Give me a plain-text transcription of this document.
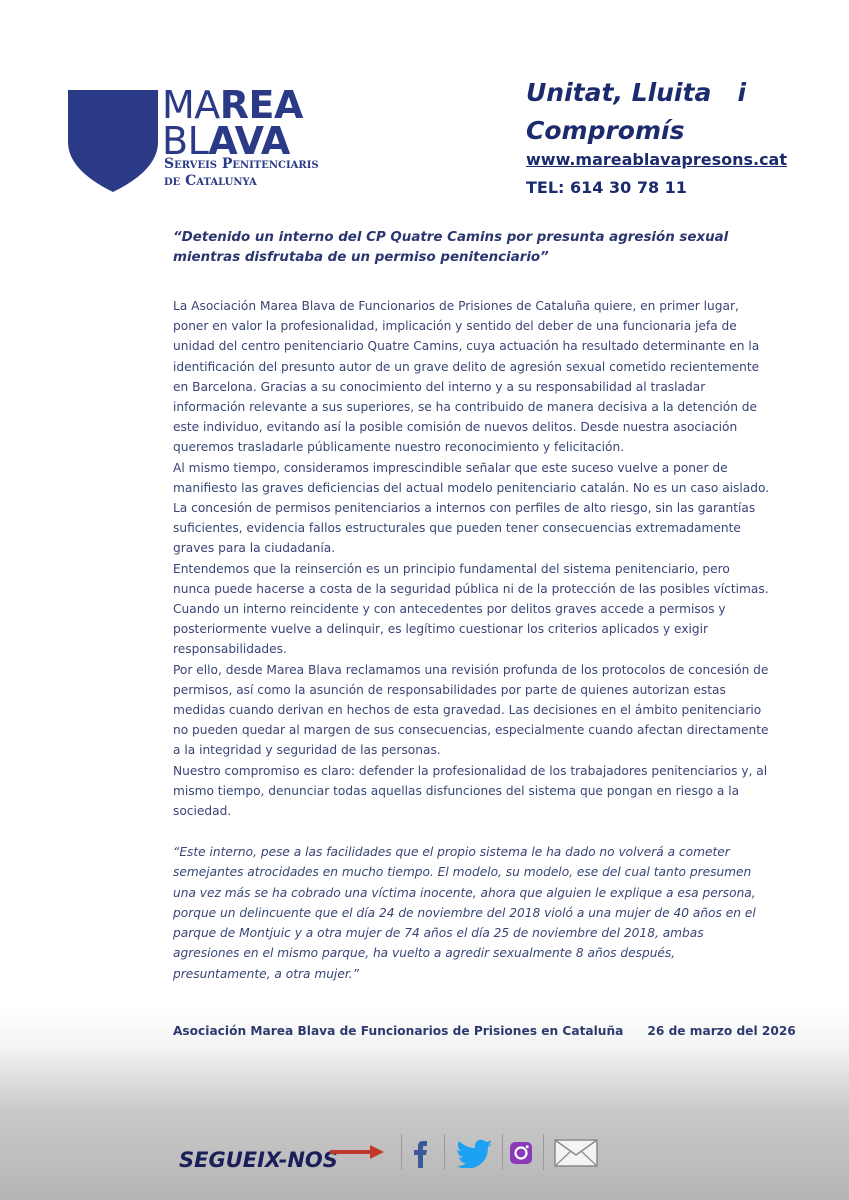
MAREA
BLAVA
Serveis Penitenciaris
de Catalunya
Unitat, Lluita   i
Compromís
www.mareablavapresons.cat
TEL: 614 30 78 11

“Detenido un interno del CP Quatre Camins por presunta agresión sexual mientras disfrutaba de un permiso penitenciario”

La Asociación Marea Blava de Funcionarios de Prisiones de Cataluña quiere, en primer lugar, poner en valor la profesionalidad, implicación y sentido del deber de una funcionaria jefa de unidad del centro penitenciario Quatre Camins, cuya actuación ha resultado determinante en la identificación del presunto autor de un grave delito de agresión sexual cometido recientemente en Barcelona. Gracias a su conocimiento del interno y a su responsabilidad al trasladar información relevante a sus superiores, se ha contribuido de manera decisiva a la detención de este individuo, evitando así la posible comisión de nuevos delitos. Desde nuestra asociación queremos trasladarle públicamente nuestro reconocimiento y felicitación.

Al mismo tiempo, consideramos imprescindible señalar que este suceso vuelve a poner de manifiesto las graves deficiencias del actual modelo penitenciario catalán. No es un caso aislado. La concesión de permisos penitenciarios a internos con perfiles de alto riesgo, sin las garantías suficientes, evidencia fallos estructurales que pueden tener consecuencias extremadamente graves para la ciudadanía.

Entendemos que la reinserción es un principio fundamental del sistema penitenciario, pero nunca puede hacerse a costa de la seguridad pública ni de la protección de las posibles víctimas. Cuando un interno reincidente y con antecedentes por delitos graves accede a permisos y posteriormente vuelve a delinquir, es legítimo cuestionar los criterios aplicados y exigir responsabilidades.

Por ello, desde Marea Blava reclamamos una revisión profunda de los protocolos de concesión de permisos, así como la asunción de responsabilidades por parte de quienes autorizan estas medidas cuando derivan en hechos de esta gravedad. Las decisiones en el ámbito penitenciario no pueden quedar al margen de sus consecuencias, especialmente cuando afectan directamente a la integridad y seguridad de las personas.

Nuestro compromiso es claro: defender la profesionalidad de los trabajadores penitenciarios y, al mismo tiempo, denunciar todas aquellas disfunciones del sistema que pongan en riesgo a la sociedad.

“Este interno, pese a las facilidades que el propio sistema le ha dado no volverá a cometer semejantes atrocidades en mucho tiempo. El modelo, su modelo, ese del cual tanto presumen una vez más se ha cobrado una víctima inocente, ahora que alguien le explique a esa persona, porque un delincuente que el día 24 de noviembre del 2018 violó a una mujer de 40 años en el parque de Montjuic y a otra mujer de 74 años el día 25 de noviembre del 2018, ambas agresiones en el mismo parque, ha vuelto a agredir sexualmente 8 años después, presuntamente, a otra mujer.”

Asociación Marea Blava de Funcionarios de Prisiones en Cataluña 26 de marzo del 2026
SEGUEIX-NOS
